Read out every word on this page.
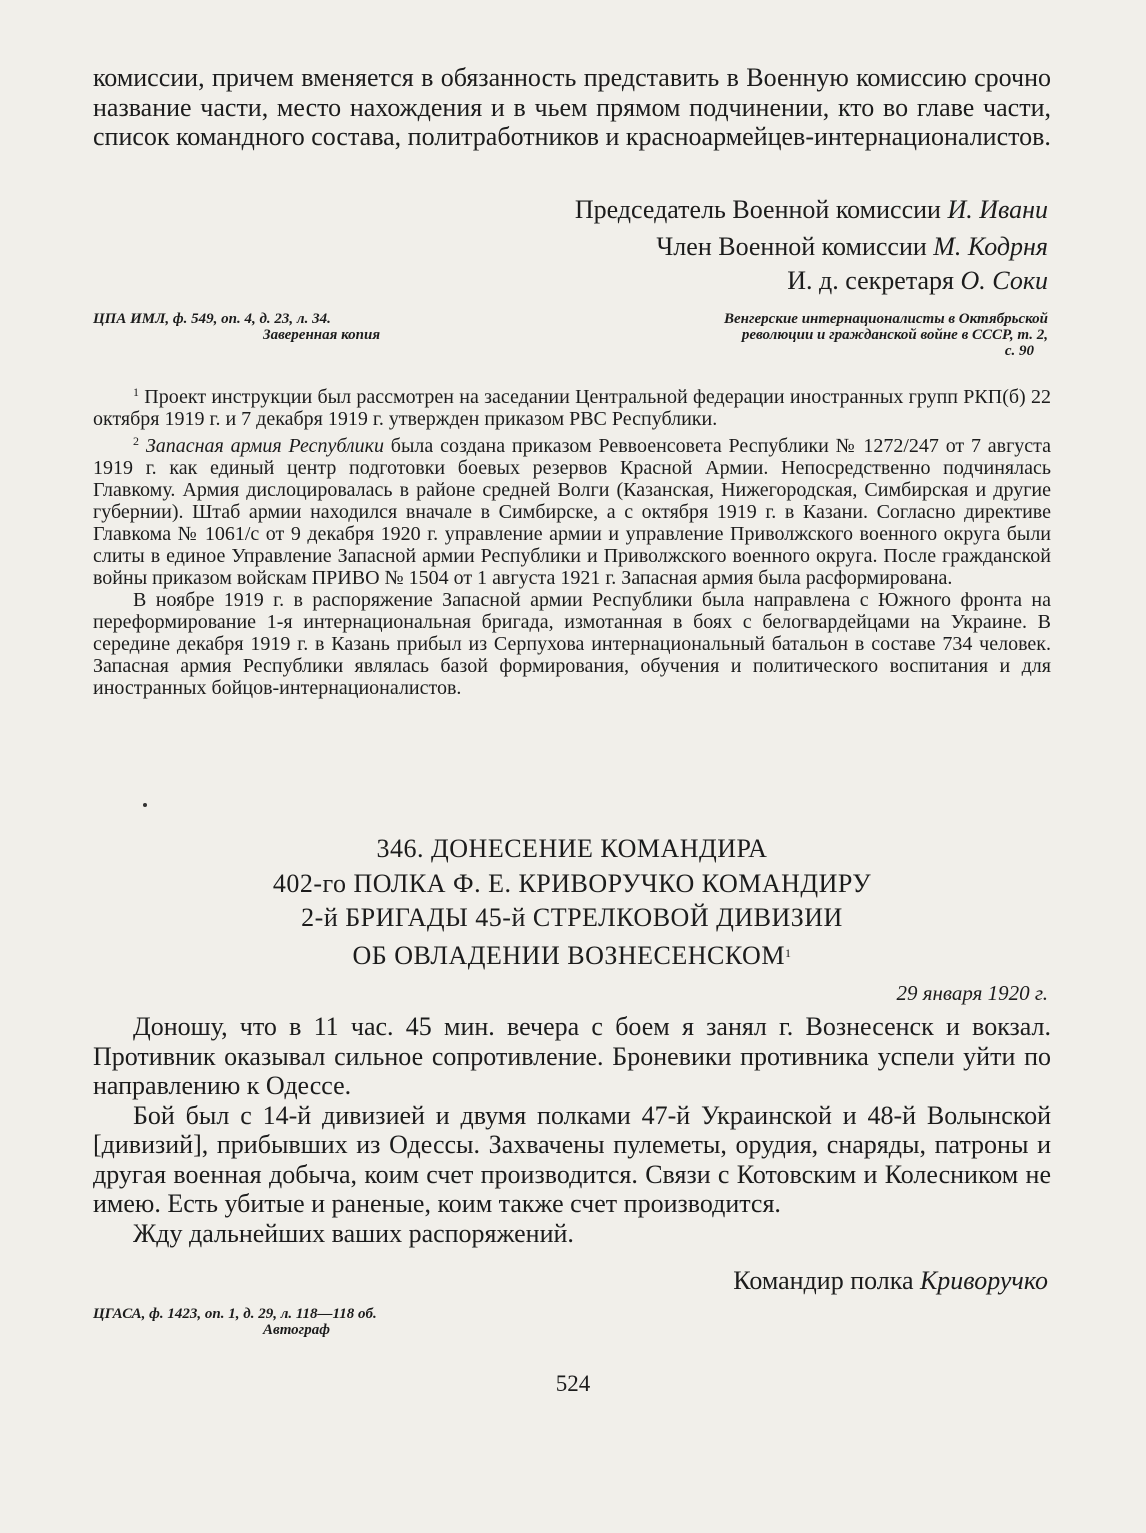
комиссии, причем вменяется в обязанность представить в Военную комиссию срочно название части, место нахождения и в чьем прямом подчинении, кто во главе части, список командного состава, политработников и красноармейцев-интернационалистов.

Председатель Военной комиссии И. Ивани
Член Военной комиссии М. Кодрня
И. д. секретаря О. Соки
ЦПА ИМЛ, ф. 549, оп. 4, д. 23, л. 34.
Заверенная копия
Венгерские интернационалисты в Октябрьской
революции и гражданской войне в СССР, т. 2,
с. 90

$^1$ Проект инструкции был рассмотрен на заседании Центральной федерации иностранных групп РКП(б) 22 октября 1919 г. и 7 декабря 1919 г. утвержден приказом РВС Республики.

$^2$ Запасная армия Республики была создана приказом Реввоенсовета Республики № 1272/247 от 7 августа 1919 г. как единый центр подготовки боевых резервов Красной Армии. Непосредственно подчинялась Главкому. Армия дислоцировалась в районе средней Волги (Казанская, Нижегородская, Симбирская и другие губернии). Штаб армии находился вначале в Симбирске, а с октября 1919 г. в Казани. Согласно директиве Главкома № 1061/с от 9 декабря 1920 г. управление армии и управление Приволжского военного округа были слиты в единое Управление Запасной армии Республики и Приволжского военного округа. После гражданской войны приказом войскам ПРИВО № 1504 от 1 августа 1921 г. Запасная армия была расформирована.

В ноябре 1919 г. в распоряжение Запасной армии Республики была направлена с Южного фронта на переформирование 1-я интернациональная бригада, измотанная в боях с белогвардейцами на Украине. В середине декабря 1919 г. в Казань прибыл из Серпухова интернациональный батальон в составе 734 человек. Запасная армия Республики являлась базой формирования, обучения и политического воспитания и для иностранных бойцов-интернационалистов.

346. ДОНЕСЕНИЕ КОМАНДИРА
402-го ПОЛКА Ф. Е. КРИВОРУЧКО КОМАНДИРУ
2-й БРИГАДЫ 45-й СТРЕЛКОВОЙ ДИВИЗИИ
ОБ ОВЛАДЕНИИ ВОЗНЕСЕНСКОМ$^1$
29 января 1920 г.

Доношу, что в 11 час. 45 мин. вечера с боем я занял г. Вознесенск и вокзал. Противник оказывал сильное сопротивление. Броневики противника успели уйти по направлению к Одессе.

Бой был с 14-й дивизией и двумя полками 47-й Украинской и 48-й Волынской [дивизий], прибывших из Одессы. Захвачены пулеметы, орудия, снаряды, патроны и другая военная добыча, коим счет производится. Связи с Котовским и Колесником не имею. Есть убитые и раненые, коим также счет производится.

Жду дальнейших ваших распоряжений.

Командир полка Криворучко
ЦГАСА, ф. 1423, оп. 1, д. 29, л. 118—118 об.
Автограф
524
